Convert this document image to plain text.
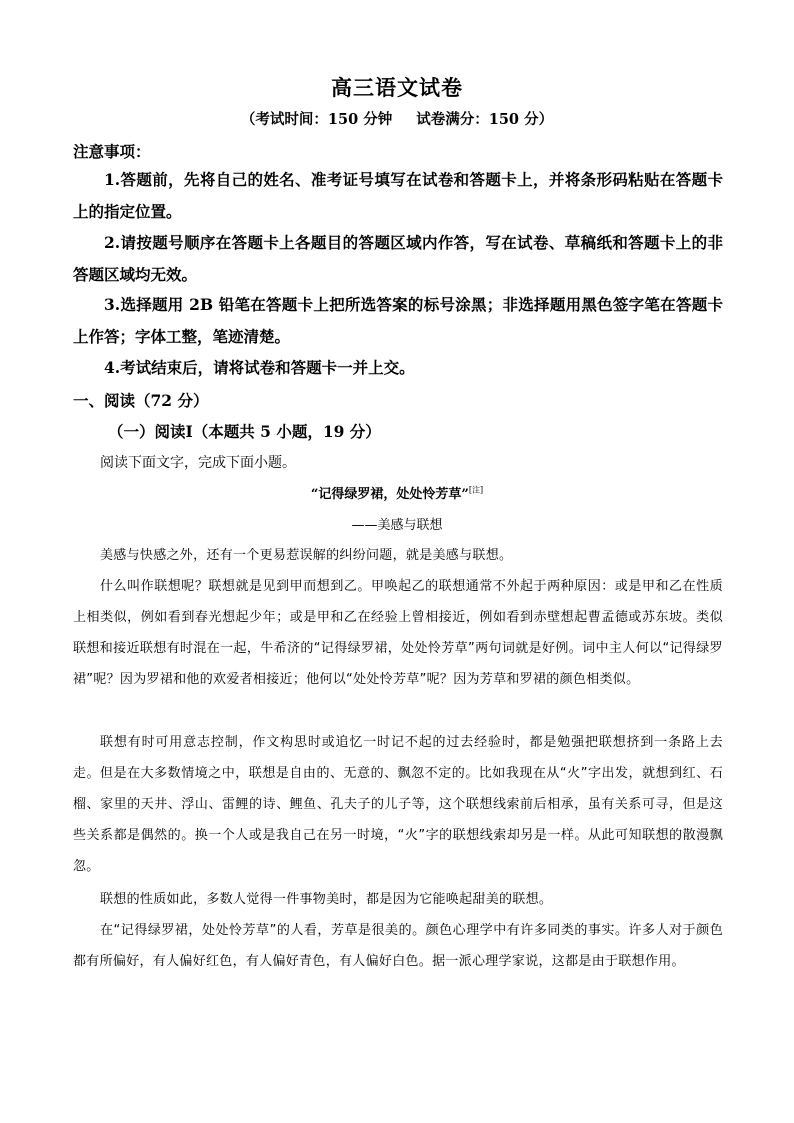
高三语文试卷
（考试时间：150 分钟 试卷满分：150 分）
注意事项：
1.答题前，先将自己的姓名、准考证号填写在试卷和答题卡上，并将条形码粘贴在答题卡上的指定位置。
2.请按题号顺序在答题卡上各题目的答题区域内作答，写在试卷、草稿纸和答题卡上的非答题区域均无效。
3.选择题用 2B 铅笔在答题卡上把所选答案的标号涂黑；非选择题用黑色签字笔在答题卡上作答；字体工整，笔迹清楚。
4.考试结束后，请将试卷和答题卡一并上交。
一、阅读（72 分）
（一）阅读Ⅰ（本题共 5 小题，19 分）
阅读下面文字，完成下面小题。
“记得绿罗裙，处处怜芳草”[注]
——美感与联想
美感与快感之外，还有一个更易惹误解的纠纷问题，就是美感与联想。
什么叫作联想呢？联想就是见到甲而想到乙。甲唤起乙的联想通常不外起于两种原因：或是甲和乙在性质上相类似，例如看到春光想起少年；或是甲和乙在经验上曾相接近，例如看到赤壁想起曹孟德或苏东坡。类似联想和接近联想有时混在一起，牛希济的“记得绿罗裙，处处怜芳草”两句词就是好例。词中主人何以“记得绿罗裙”呢？因为罗裙和他的欢爱者相接近；他何以“处处怜芳草”呢？因为芳草和罗裙的颜色相类似。
联想有时可用意志控制，作文构思时或追忆一时记不起的过去经验时，都是勉强把联想挤到一条路上去走。但是在大多数情境之中，联想是自由的、无意的、飘忽不定的。比如我现在从“火”字出发，就想到红、石榴、家里的天井、浮山、雷鲤的诗、鲤鱼、孔夫子的儿子等，这个联想线索前后相承，虽有关系可寻，但是这些关系都是偶然的。换一个人或是我自己在另一时境，“火”字的联想线索却另是一样。从此可知联想的散漫飘忽。
联想的性质如此，多数人觉得一件事物美时，都是因为它能唤起甜美的联想。
在“记得绿罗裙，处处怜芳草”的人看，芳草是很美的。颜色心理学中有许多同类的事实。许多人对于颜色都有所偏好，有人偏好红色，有人偏好青色，有人偏好白色。据一派心理学家说，这都是由于联想作用。
